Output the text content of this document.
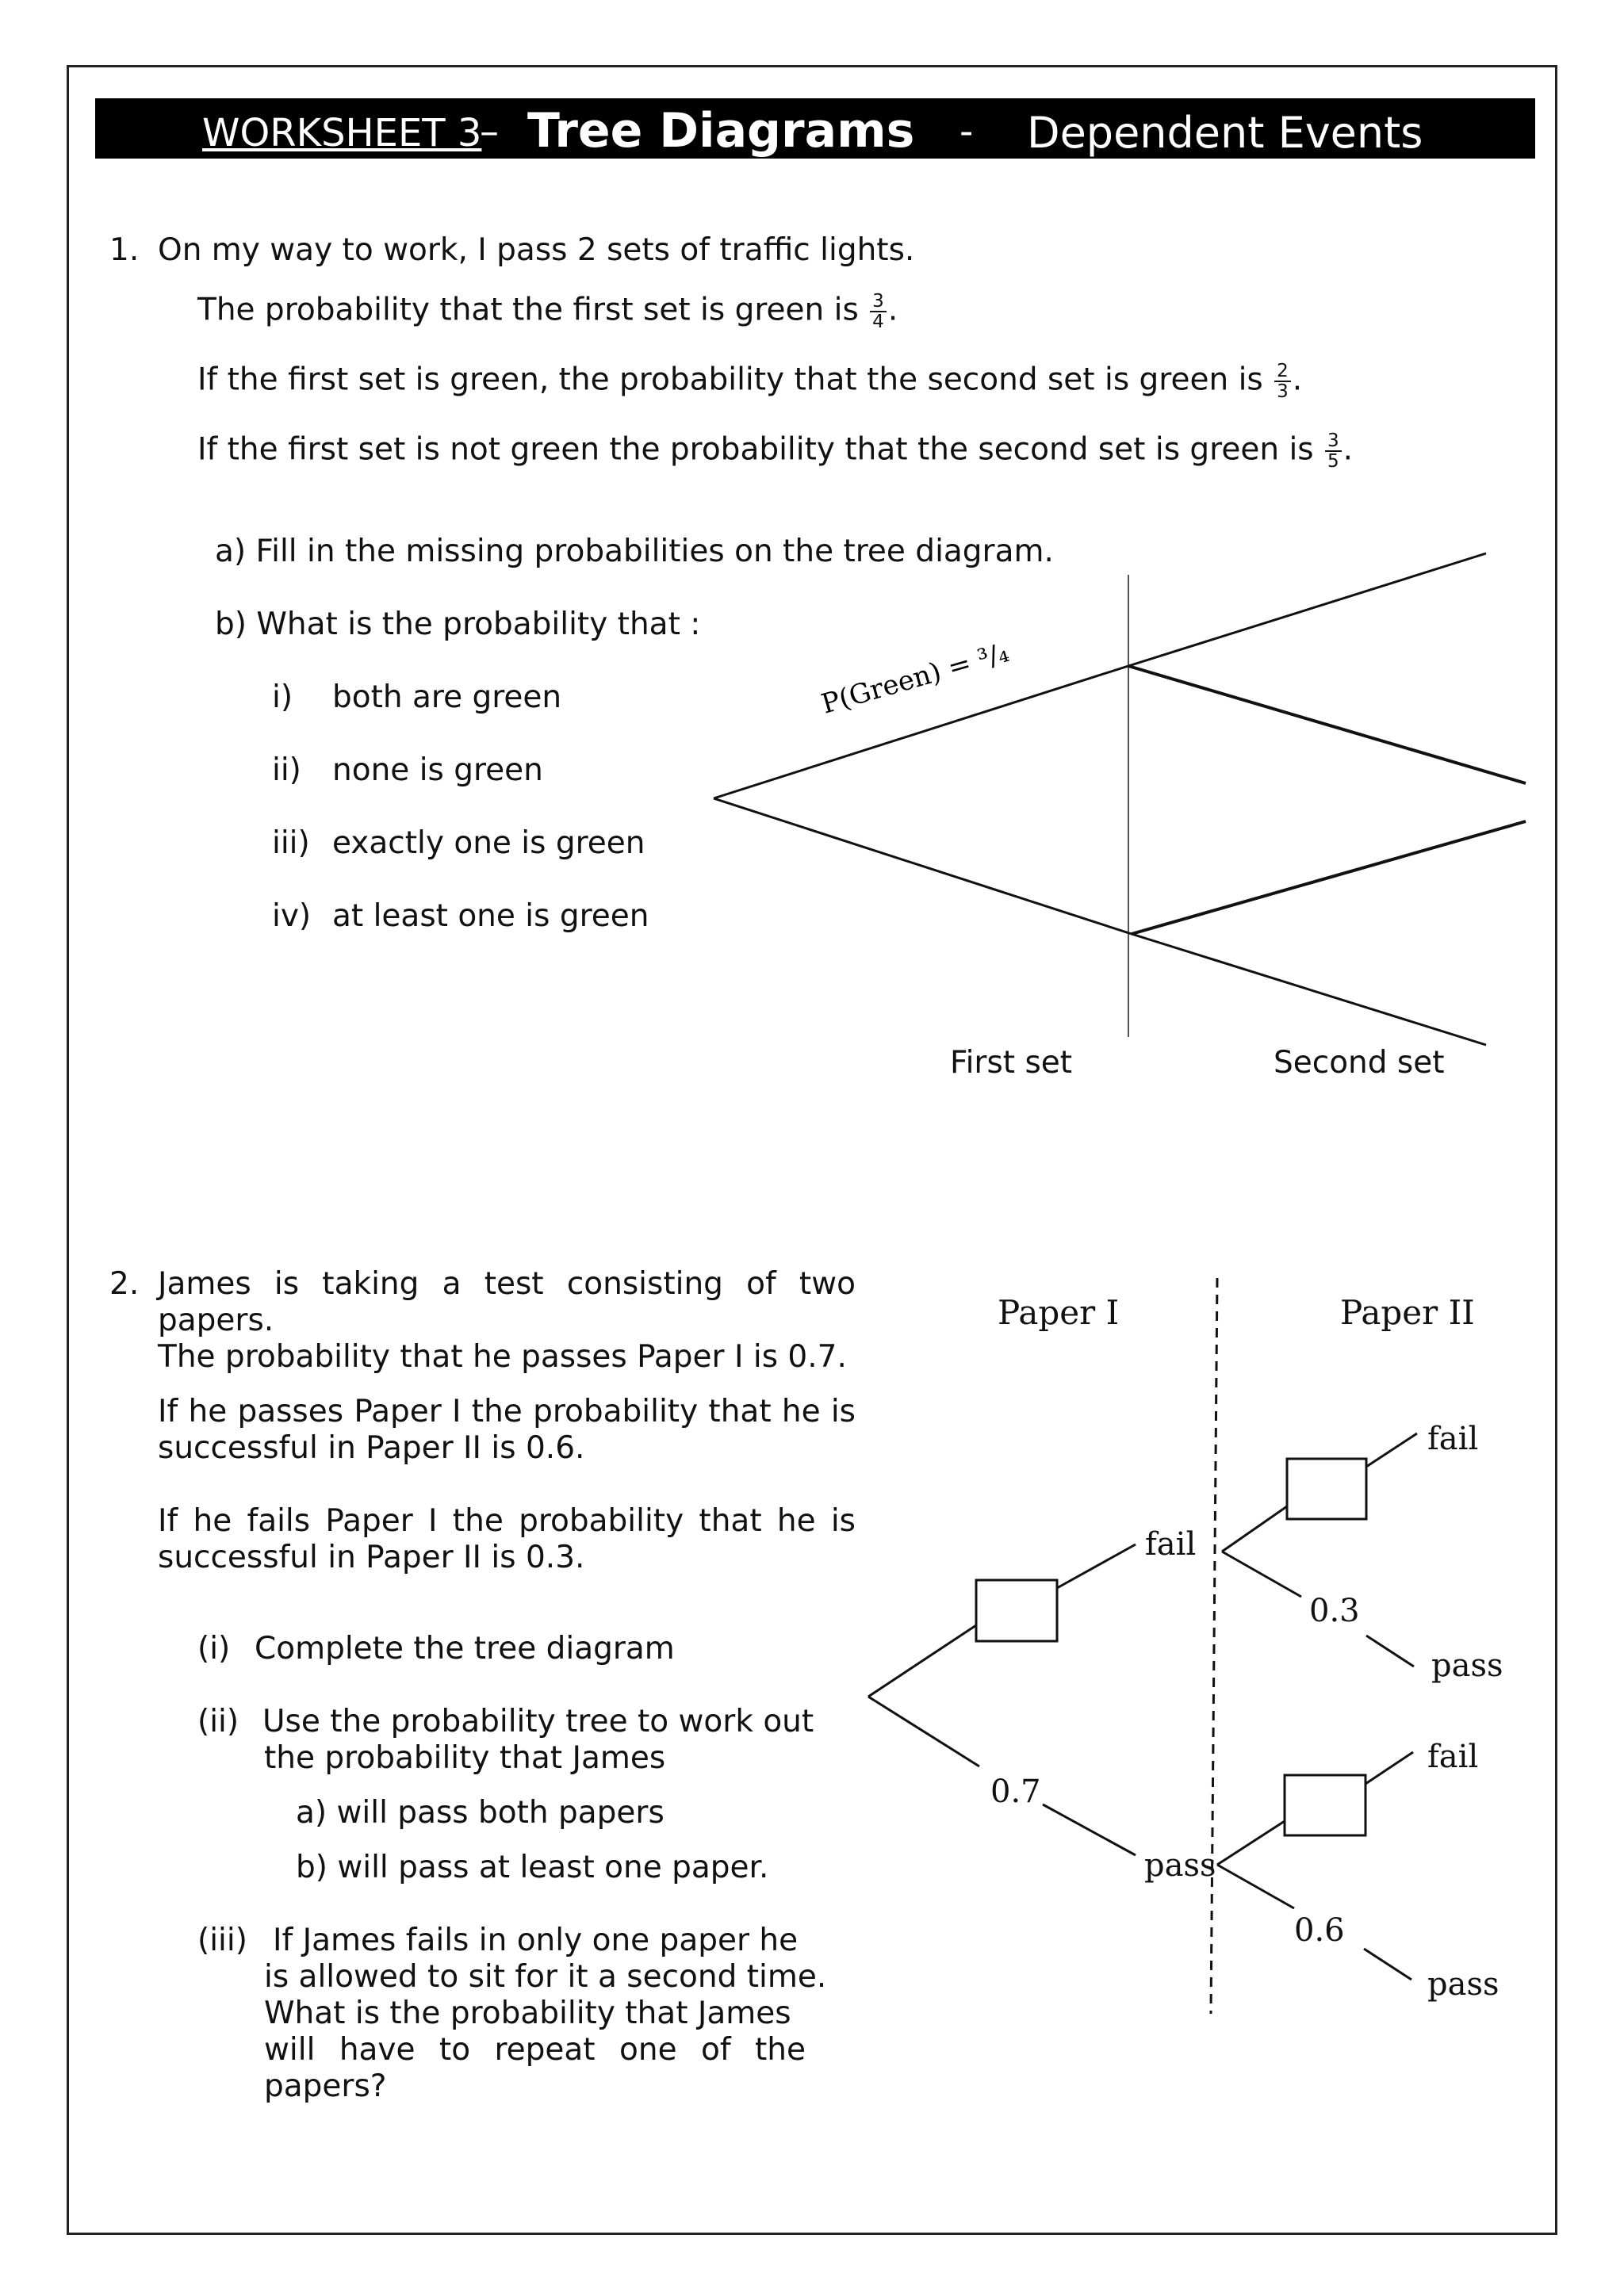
WORKSHEET 3
– Tree Diagrams - Dependent Events
1. On my way to work, I pass 2 sets of traffic lights.
The probability that the first set is green is $\frac{3}{4}$ .
If the first set is green, the probability that the second set is green is $\frac{2}{3}$ .
If the first set is not green the probability that the second set is green is $\frac{3}{5}$ .
a) Fill in the missing probabilities on the tree diagram.
b) What is the probability that :
i) both are green
ii) none is green
iii) exactly one is green
iv) at least one is green
P(Green) = ³/₄
First set	Second set
2. James is taking a test consisting of two
papers.
The probability that he passes Paper I is 0.7.
If he passes Paper I the probability that he is
successful in Paper II is 0.6.
If he fails Paper I the probability that he is
successful in Paper II is 0.3.
(i) Complete the tree diagram
(ii) Use the probability tree to work out
the probability that James
a) will pass both papers
b) will pass at least one paper.
(iii) If James fails in only one paper he
is allowed to sit for it a second time.
What is the probability that James
will have to repeat one of the
papers?
Paper I	Paper II
fail
0.7
pass
fail
0.3
pass
fail
0.6
pass
